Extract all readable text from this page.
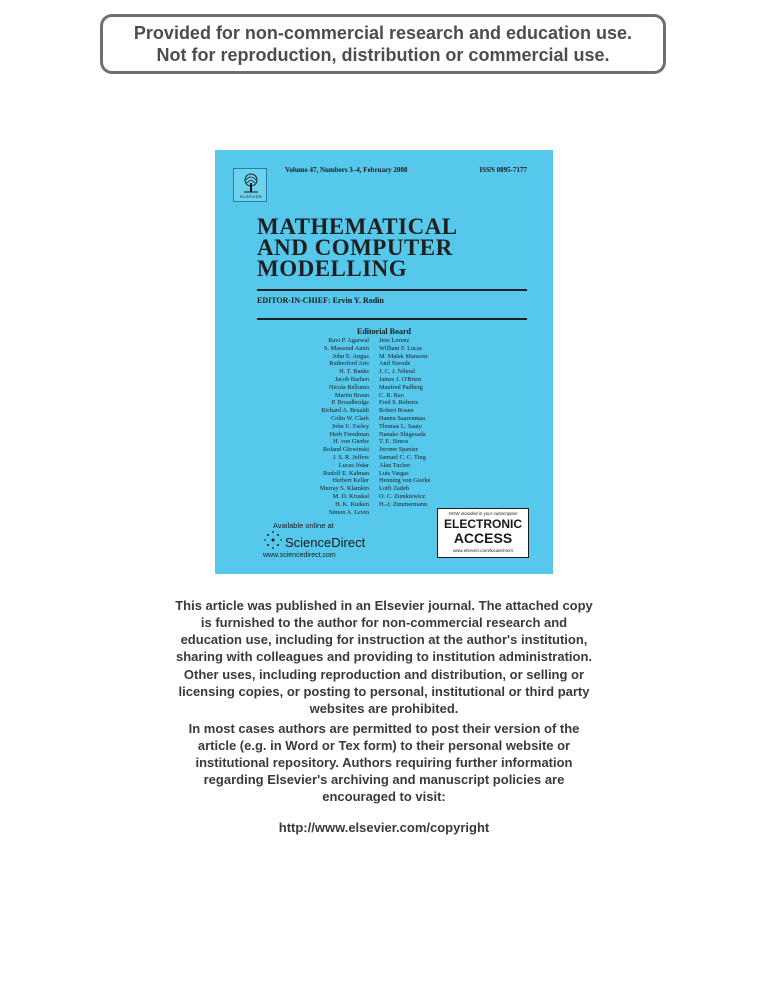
Provided for non-commercial research and education use.
Not for reproduction, distribution or commercial use.
ELSEVIER
Volume 47, Numbers 3–4, February 2008	ISSN 0895-7177
MATHEMATICAL
AND COMPUTER
MODELLING
EDITOR-IN-CHIEF: Ervin Y. Rodin
Editorial Board
Ravi P. Agarwal
S. Massoud Amin
John E. Angus
Rutherford Aris
H. T. Banks
Jacob Barhen
Nicola Bellomo
Martin Braun
P. Broadbridge
Richard A. Brualdi
Colin W. Clark
John U. Farley
Herb Freedman
H. von Gierke
Roland Glowinski
J. S. R. Jeffers
Lucas Jódar
Rudolf E. Kalman
Herbert Keller
Murray S. Klamkin
M. D. Kruskal
H. K. Kuiken
Simon A. Levin
Jens Lorenz
William F. Lucas
M. Malek Mansour
Anil Nerode
J. C. J. Nihoul
James J. O'Brien
Manfred Padberg
C. R. Rao
Fred S. Roberts
Robert Rosen
Hannu Saarenmaa
Thomas L. Saaty
Nanako Shigesada
T. E. Simos
Jerome Spanier
Samuel C. C. Ting
Alan Tucker
Luis Vargas
Henning von Gierke
Lotfi Zadeh
O. C. Zienkiewicz
H.-J. Zimmermann
Available online at
ScienceDirect
www.sciencedirect.com
NOW included in your subscription
ELECTRONIC
ACCESS
www.elsevier.com/locate/mcm
This article was published in an Elsevier journal. The attached copy
is furnished to the author for non-commercial research and
education use, including for instruction at the author's institution,
sharing with colleagues and providing to institution administration.
Other uses, including reproduction and distribution, or selling or
licensing copies, or posting to personal, institutional or third party
websites are prohibited.
In most cases authors are permitted to post their version of the
article (e.g. in Word or Tex form) to their personal website or
institutional repository. Authors requiring further information
regarding Elsevier's archiving and manuscript policies are
encouraged to visit:
http://www.elsevier.com/copyright
